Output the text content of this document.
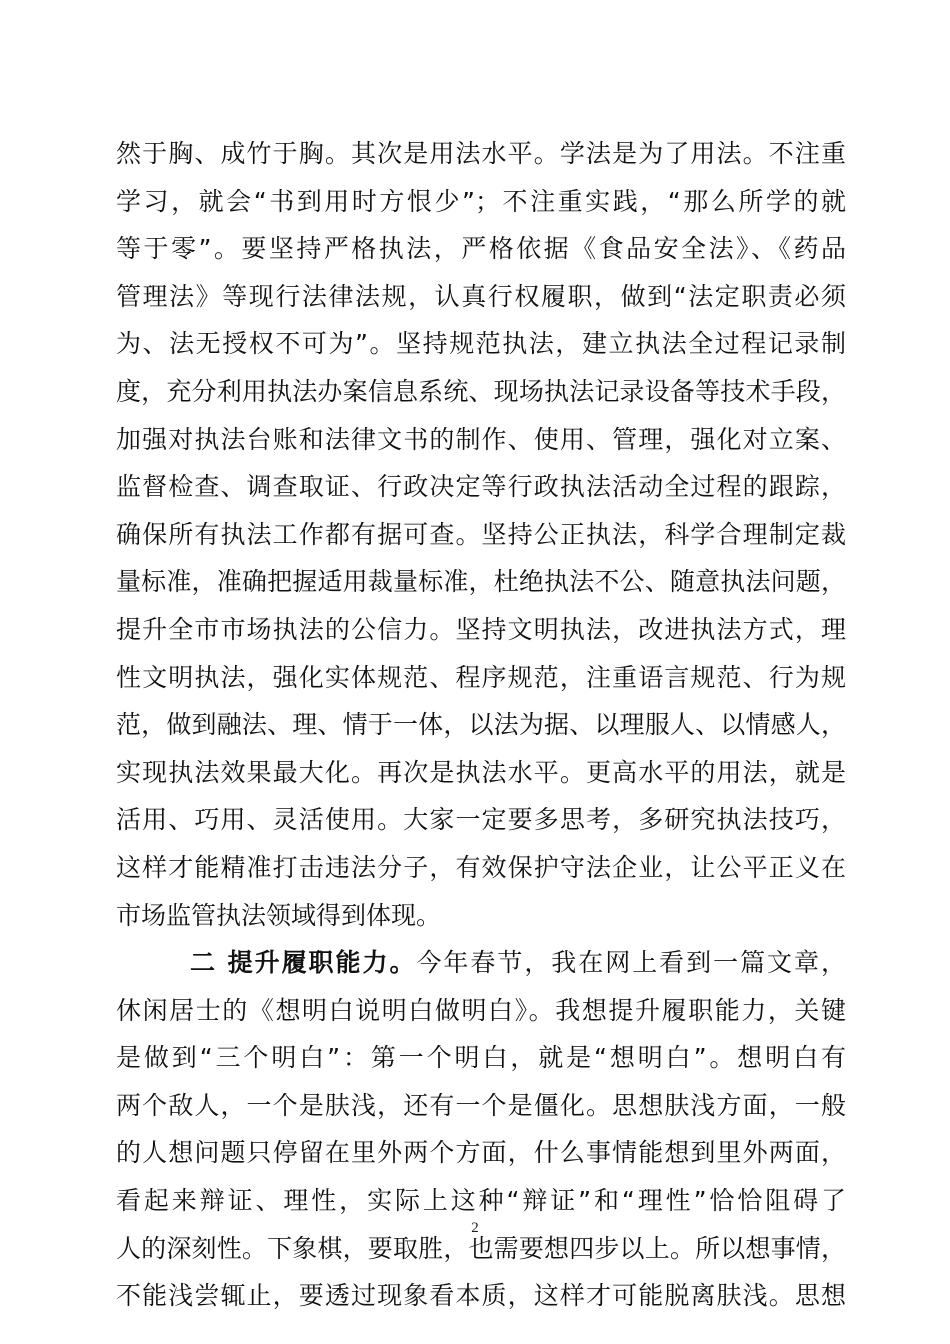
然于胸、成竹于胸。其次是用法水平。学法是为了用法。不注重
学习，就会“书到用时方恨少”；不注重实践，“那么所学的就
等于零”。要坚持严格执法，严格依据《食品安全法》、《药品
管理法》等现行法律法规，认真行权履职，做到“法定职责必须
为、法无授权不可为”。坚持规范执法，建立执法全过程记录制
度，充分利用执法办案信息系统、现场执法记录设备等技术手段，
加强对执法台账和法律文书的制作、使用、管理，强化对立案、
监督检查、调查取证、行政决定等行政执法活动全过程的跟踪，
确保所有执法工作都有据可查。坚持公正执法，科学合理制定裁
量标准，准确把握适用裁量标准，杜绝执法不公、随意执法问题，
提升全市市场执法的公信力。坚持文明执法，改进执法方式，理
性文明执法，强化实体规范、程序规范，注重语言规范、行为规
范，做到融法、理、情于一体，以法为据、以理服人、以情感人，
实现执法效果最大化。再次是执法水平。更高水平的用法，就是
活用、巧用、灵活使用。大家一定要多思考，多研究执法技巧，
这样才能精准打击违法分子，有效保护守法企业，让公平正义在
市场监管执法领域得到体现。
二 提升履职能力。今年春节，我在网上看到一篇文章，
休闲居士的《想明白说明白做明白》。我想提升履职能力，关键
是做到“三个明白”：第一个明白，就是“想明白”。想明白有
两个敌人，一个是肤浅，还有一个是僵化。思想肤浅方面，一般
的人想问题只停留在里外两个方面，什么事情能想到里外两面，
看起来辩证、理性，实际上这种“辩证”和“理性”恰恰阻碍了
人的深刻性。下象棋，要取胜，也需要想四步以上。所以想事情，
不能浅尝辄止，要透过现象看本质，这样才可能脱离肤浅。思想
2
